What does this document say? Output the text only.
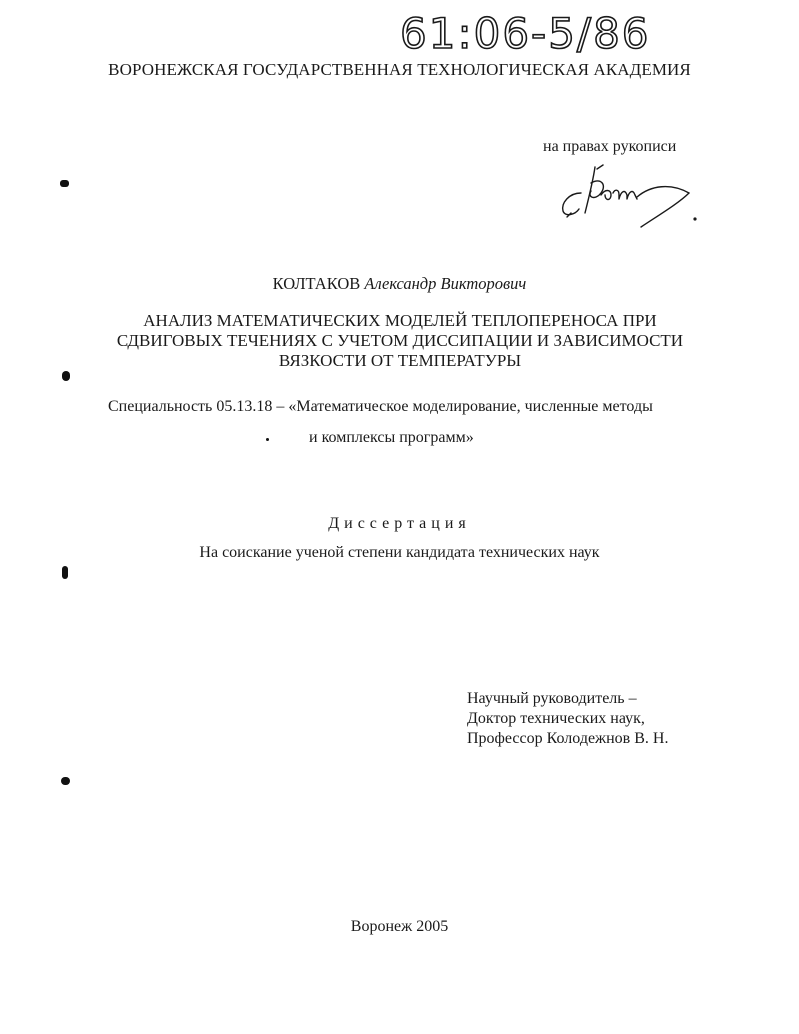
61:06-5/86
ВОРОНЕЖСКАЯ ГОСУДАРСТВЕННАЯ ТЕХНОЛОГИЧЕСКАЯ АКАДЕМИЯ
на правах рукописи
КОЛТАКОВ Александр Викторович
АНАЛИЗ МАТЕМАТИЧЕСКИХ МОДЕЛЕЙ ТЕПЛОПЕРЕНОСА ПРИ
СДВИГОВЫХ ТЕЧЕНИЯХ С УЧЕТОМ ДИССИПАЦИИ И ЗАВИСИМОСТИ
ВЯЗКОСТИ ОТ ТЕМПЕРАТУРЫ
Специальность 05.13.18 – «Математическое моделирование, численные методы
и комплексы программ»
Диссертация
На соискание ученой степени кандидата технических наук
Научный руководитель –
Доктор технических наук,
Профессор Колодежнов В. Н.
Воронеж 2005
